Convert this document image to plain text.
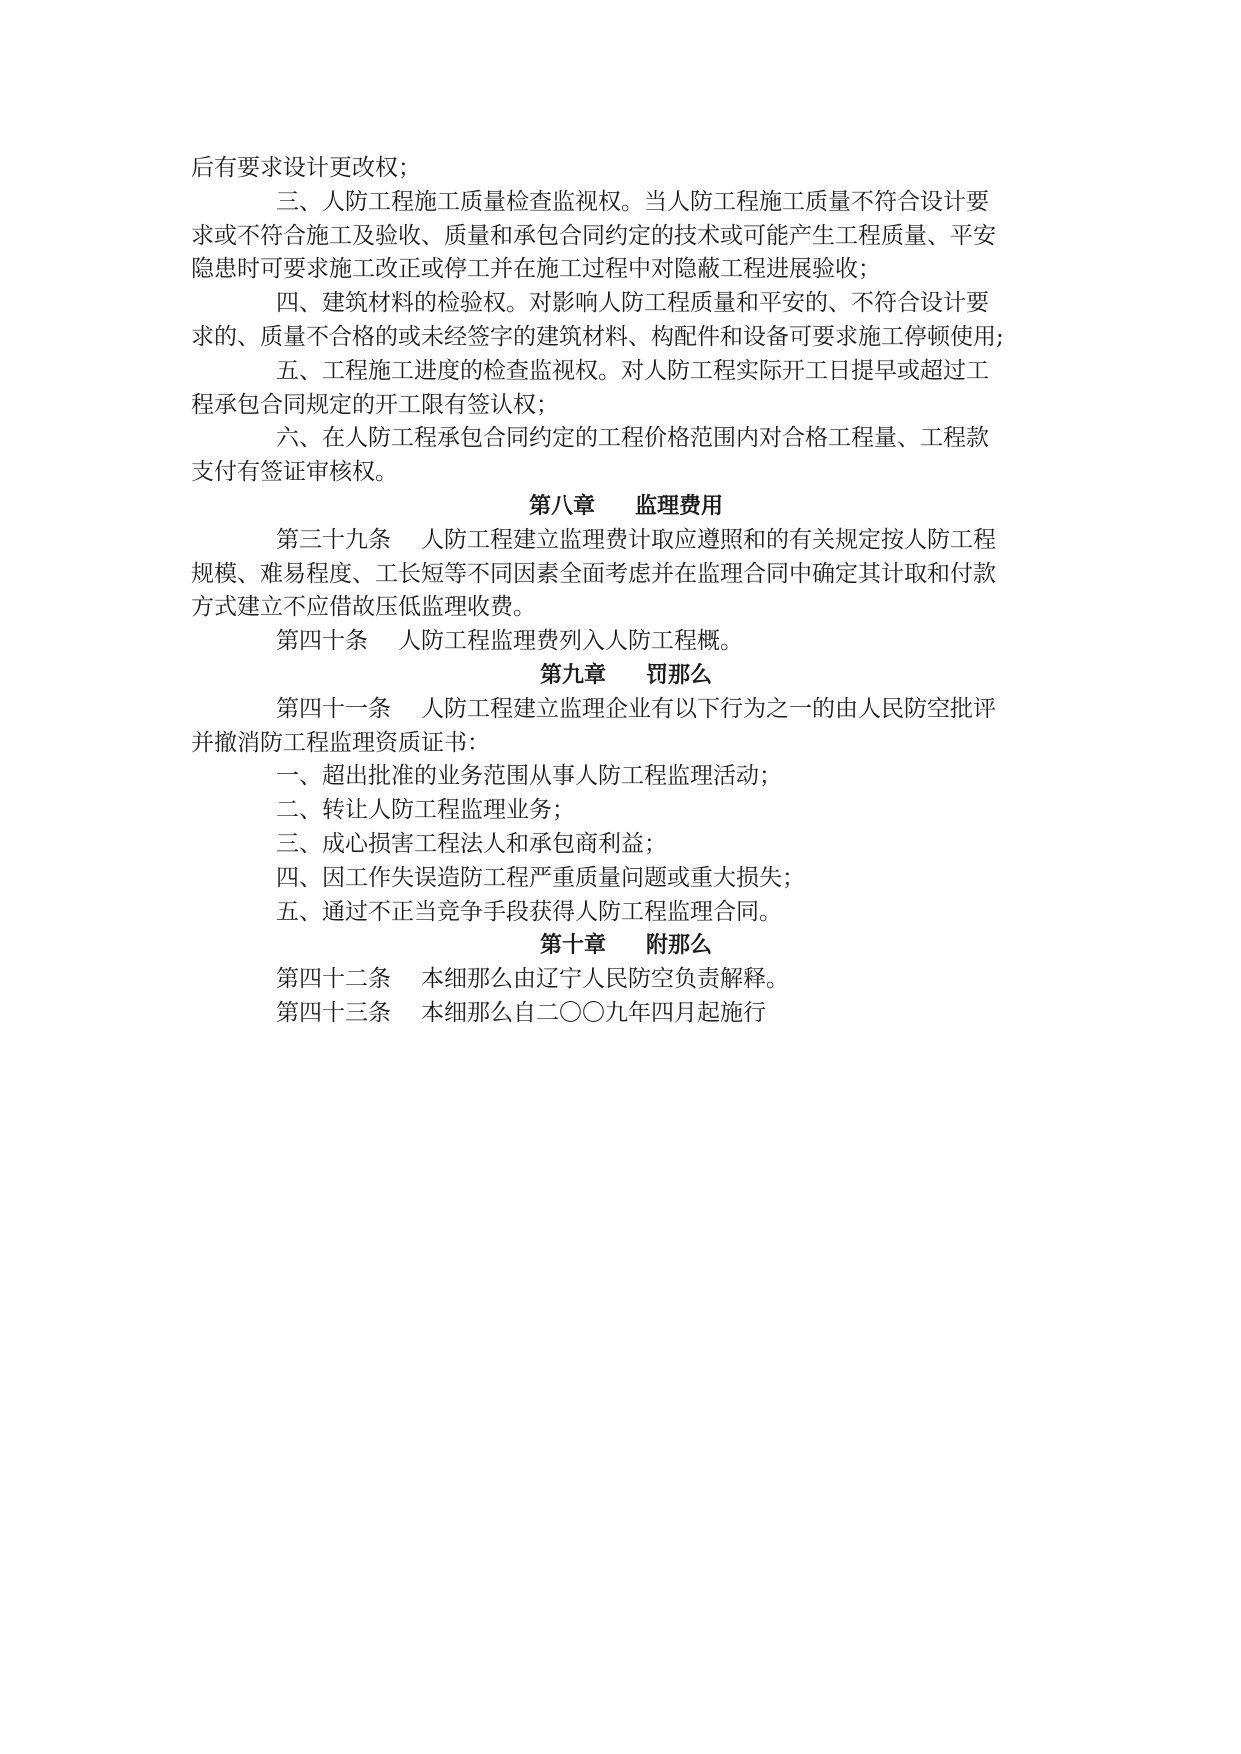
后有要求设计更改权；
三、人防工程施工质量检查监视权。当人防工程施工质量不符合设计要
求或不符合施工及验收、质量和承包合同约定的技术或可能产生工程质量、平安
隐患时可要求施工改正或停工并在施工过程中对隐蔽工程进展验收；
四、建筑材料的检验权。对影响人防工程质量和平安的、不符合设计要
求的、质量不合格的或未经签字的建筑材料、构配件和设备可要求施工停顿使用;
五、工程施工进度的检查监视权。对人防工程实际开工日提早或超过工
程承包合同规定的开工限有签认权；
六、在人防工程承包合同约定的工程价格范围内对合格工程量、工程款
支付有签证审核权。
第八章 监理费用
第三十九条 人防工程建立监理费计取应遵照和的有关规定按人防工程
规模、难易程度、工长短等不同因素全面考虑并在监理合同中确定其计取和付款
方式建立不应借故压低监理收费。
第四十条 人防工程监理费列入人防工程概。
第九章 罚那么
第四十一条 人防工程建立监理企业有以下行为之一的由人民防空批评
并撤消防工程监理资质证书：
一、超出批准的业务范围从事人防工程监理活动；
二、转让人防工程监理业务；
三、成心损害工程法人和承包商利益；
四、因工作失误造防工程严重质量问题或重大损失；
五、通过不正当竞争手段获得人防工程监理合同。
第十章 附那么
第四十二条 本细那么由辽宁人民防空负责解释。
第四十三条 本细那么自二〇〇九年四月起施行
